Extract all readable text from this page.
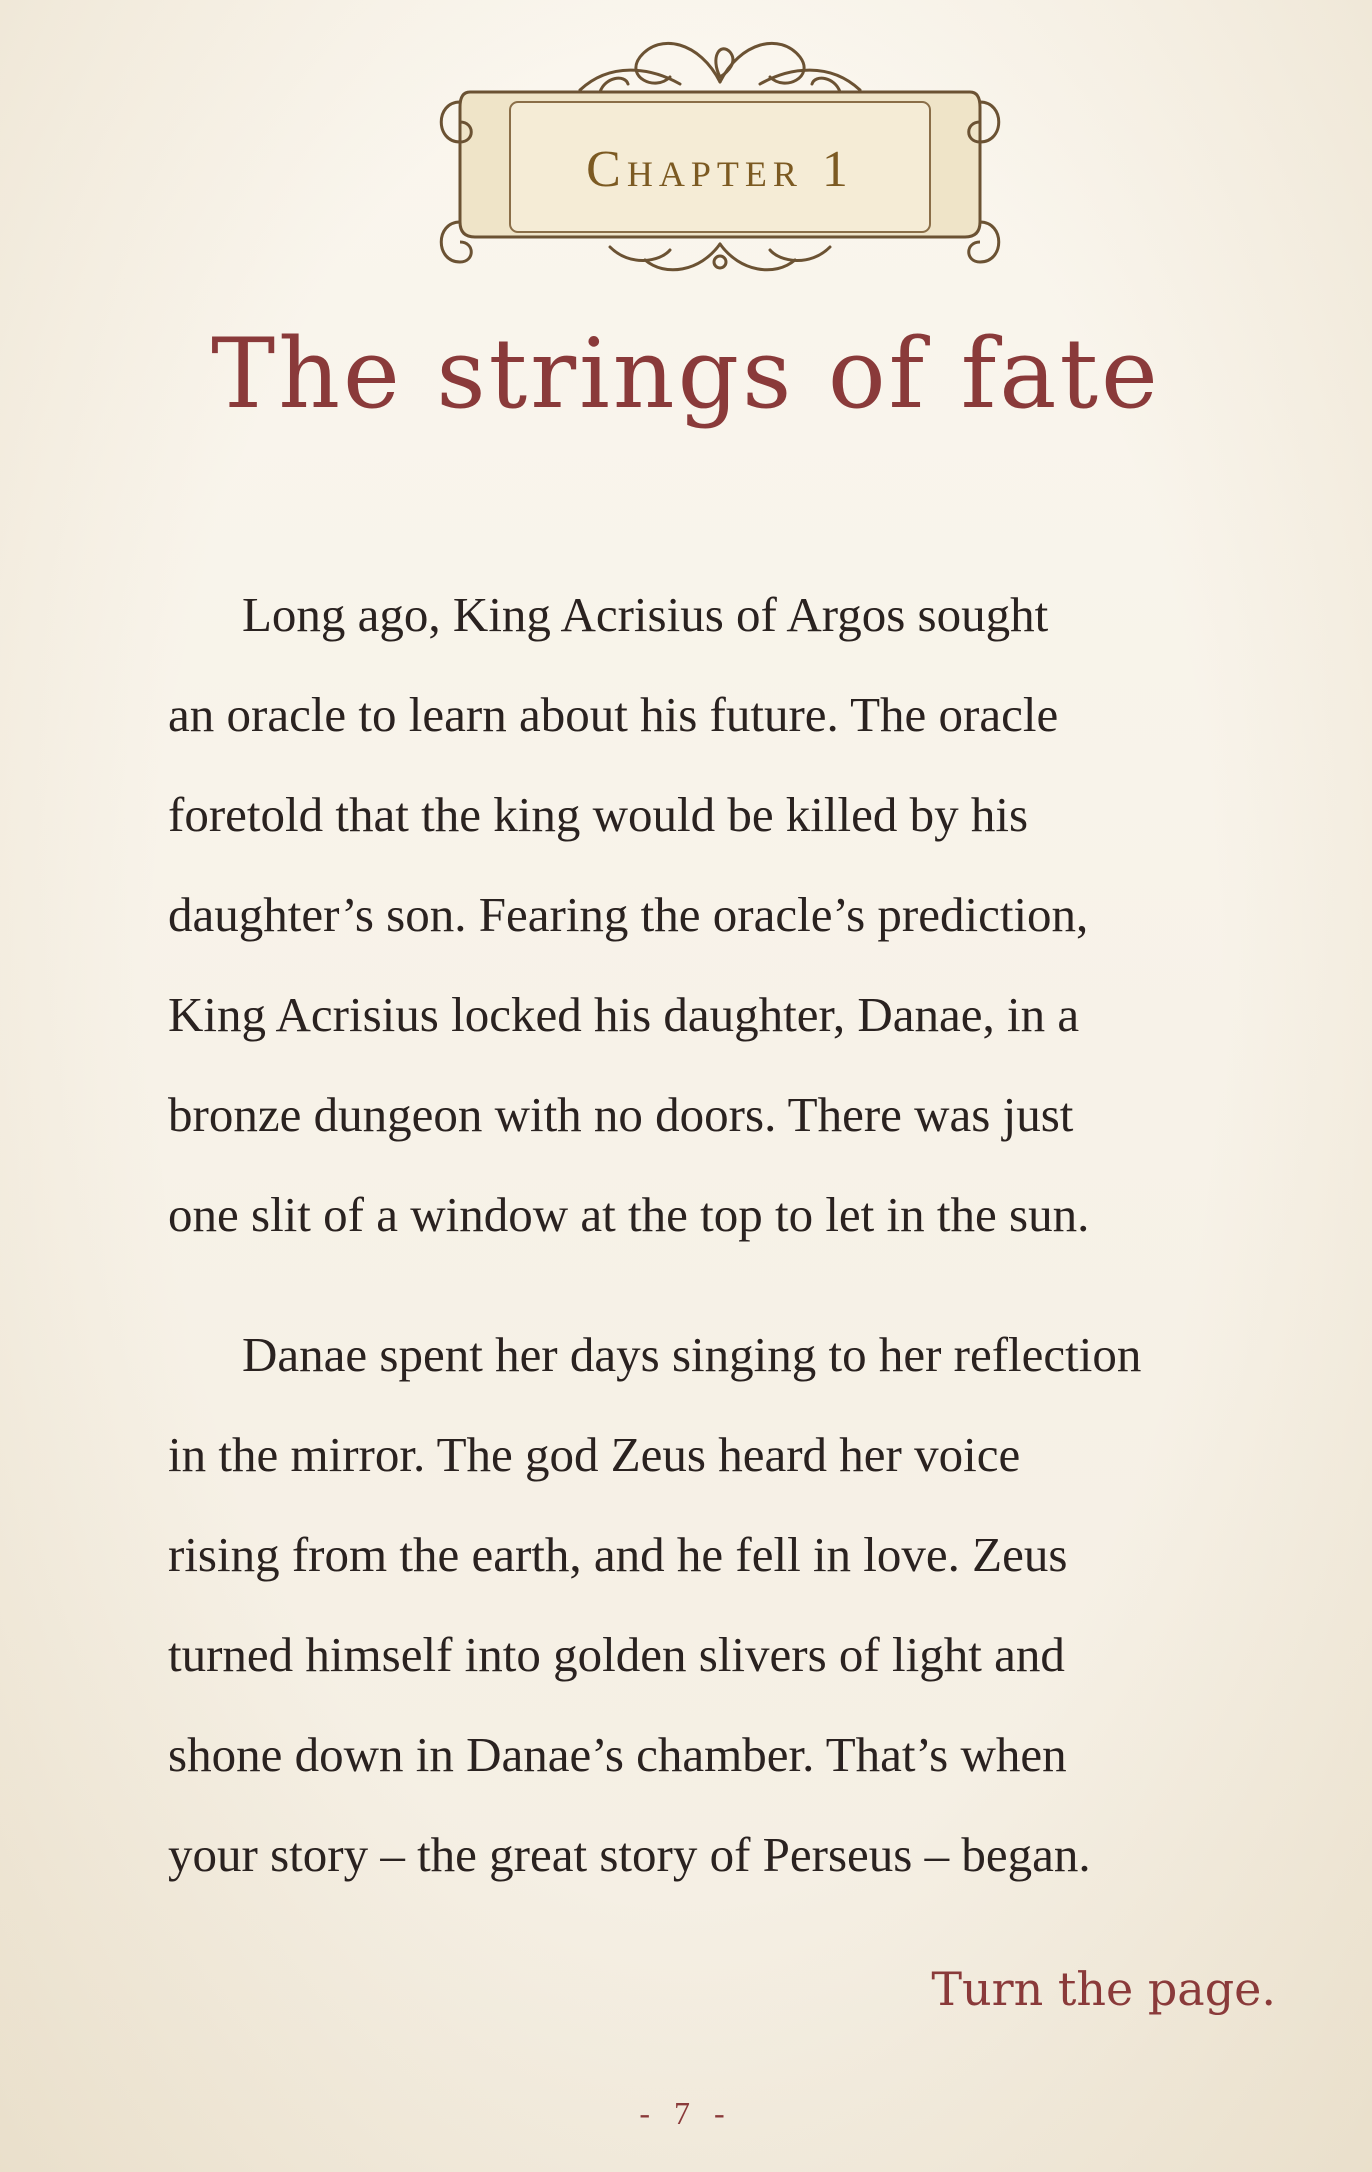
Chapter 1
The strings of fate
Long ago, King Acrisius of Argos sought
an oracle to learn about his future. The oracle
foretold that the king would be killed by his
daughter’s son. Fearing the oracle’s prediction,
King Acrisius locked his daughter, Danae, in a
bronze dungeon with no doors. There was just
one slit of a window at the top to let in the sun.
Danae spent her days singing to her reflection
in the mirror. The god Zeus heard her voice
rising from the earth, and he fell in love. Zeus
turned himself into golden slivers of light and
shone down in Danae’s chamber. That’s when
your story – the great story of Perseus – began.
Turn the page.
- 7 -
